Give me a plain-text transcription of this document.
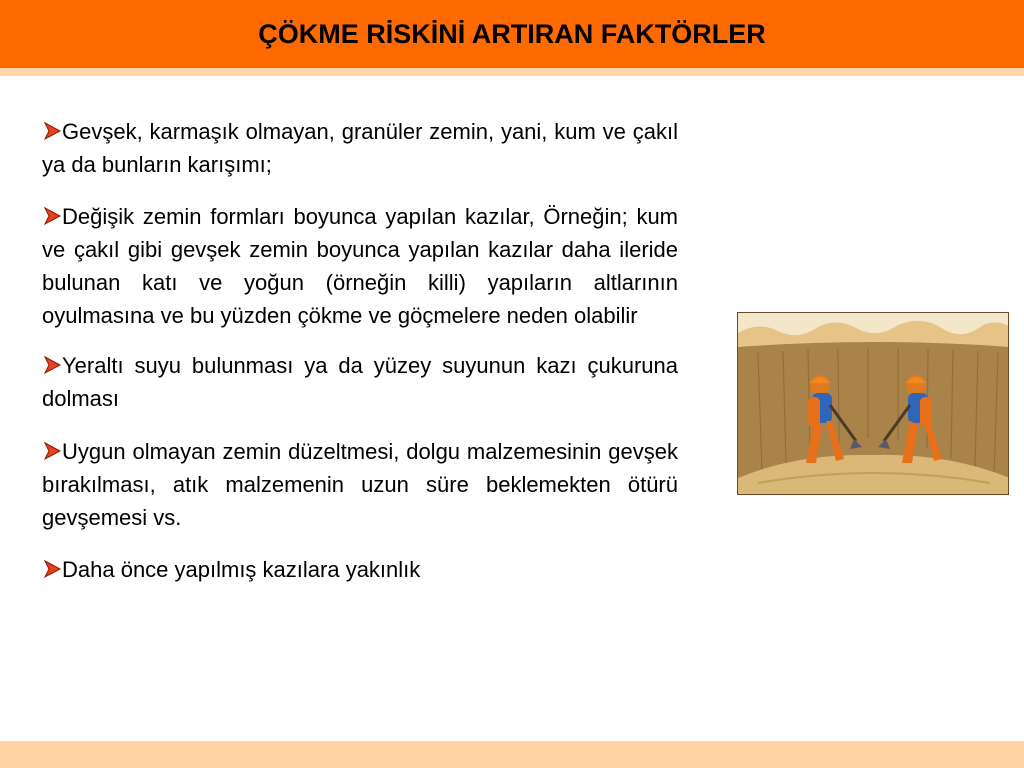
ÇÖKME RİSKİNİ ARTIRAN FAKTÖRLER
Gevşek, karmaşık olmayan, granüler zemin, yani, kum ve çakıl ya da bunların karışımı;
Değişik zemin formları boyunca yapılan kazılar, Örneğin; kum ve çakıl gibi gevşek zemin boyunca yapılan kazılar daha ileride bulunan katı ve yoğun (örneğin killi) yapıların altlarının oyulmasına ve bu yüzden çökme ve göçmelere neden olabilir
Yeraltı suyu bulunması ya da yüzey suyunun kazı çukuruna dolması
Uygun olmayan zemin düzeltmesi, dolgu malzemesinin gevşek bırakılması, atık malzemenin uzun süre beklemekten ötürü gevşemesi vs.
Daha önce yapılmış kazılara yakınlık
